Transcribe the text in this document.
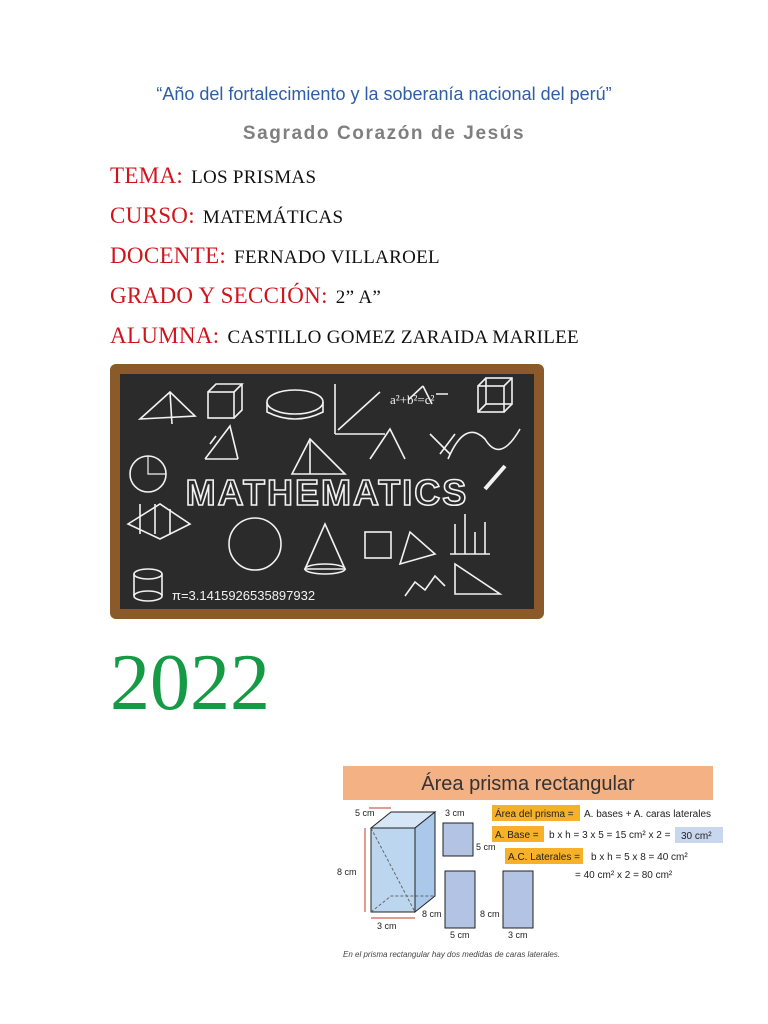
“Año del fortalecimiento y la soberanía nacional del perú”
Sagrado Corazón de Jesús
TEMA: LOS PRISMAS
CURSO: MATEMÁTICAS
DOCENTE: FERNADO VILLAROEL
GRADO Y SECCIÓN: 2” A”
ALUMNA: CASTILLO GOMEZ ZARAIDA MARILEE
MATHEMATICS
π=3.14159265358979​32
a²+b²=c²
2022
Área prisma rectangular
5 cm
8 cm
3 cm
3 cm
5 cm
8 cm
5 cm
8 cm
3 cm
Área del prisma = A. bases + A. caras laterales
A. Base = b x h = 3 x 5 = 15 cm² x 2 = 30 cm²
A.C. Laterales = b x h = 5 x 8 = 40 cm²
= 40 cm² x 2 = 80 cm²
En el prisma rectangular hay dos medidas de caras laterales.
